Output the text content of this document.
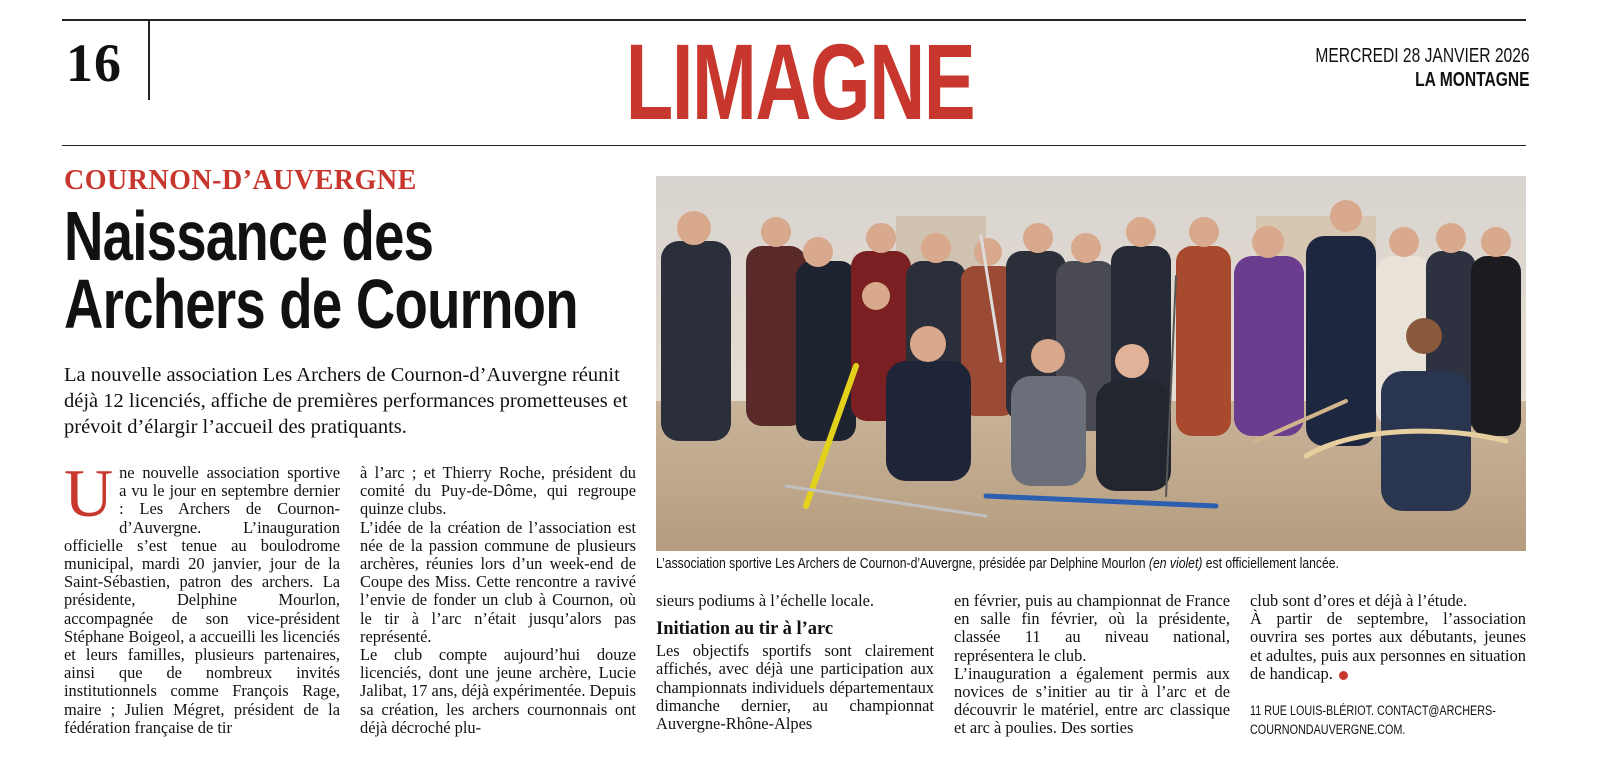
16	LIMAGNE	MERCREDI 28 JANVIER 2026
LA MONTAGNE
COURNON-D’AUVERGNE
Naissance des
Archers de Cournon
La nouvelle association Les Archers de Cournon-d’Auvergne réunit déjà 12 licenciés, affiche de premières performances prometteuses et prévoit d’élargir l’accueil des pratiquants.

Une nouvelle association sportive a vu le jour en septembre dernier : Les Archers de Cournon-d’Auvergne. L’inauguration officielle s’est tenue au boulodrome municipal, mardi 20 janvier, jour de la Saint-Sébastien, patron des archers. La présidente, Delphine Mourlon, accompagnée de son vice-président Stéphane Boigeol, a accueilli les licenciés et leurs familles, plusieurs partenaires, ainsi que de nombreux invités institutionnels comme François Rage, maire ; Julien Mégret, président de la fédération française de tir

à l’arc ; et Thierry Roche, président du comité du Puy-de-Dôme, qui regroupe quinze clubs.

L’idée de la création de l’association est née de la passion commune de plusieurs archères, réunies lors d’un week-end de Coupe des Miss. Cette rencontre a ravivé l’envie de fonder un club à Cournon, où le tir à l’arc n’était jusqu’alors pas représenté.

Le club compte aujourd’hui douze licenciés, dont une jeune archère, Lucie Jalibat, 17 ans, déjà expérimentée. Depuis sa création, les archers cournonnais ont déjà décroché plu-

sieurs podiums à l’échelle locale.

Initiation au tir à l’arc

Les objectifs sportifs sont clairement affichés, avec déjà une participation aux championnats individuels départementaux dimanche dernier, au championnat Auvergne-Rhône-Alpes

en février, puis au championnat de France en salle fin février, où la présidente, classée 11 au niveau national, représentera le club.

L’inauguration a également permis aux novices de s’initier au tir à l’arc et de découvrir le matériel, entre arc classique et arc à poulies. Des sorties

club sont d’ores et déjà à l’étude.

À partir de septembre, l’association ouvrira ses portes aux débutants, jeunes et adultes, puis aux personnes en situation de handicap.

11 RUE LOUIS-BLÉRIOT. CONTACT@ARCHERS-COURNONDAUVERGNE.COM.
L’association sportive Les Archers de Cournon-d’Auvergne, présidée par Delphine Mourlon (en violet) est officiellement lancée.
